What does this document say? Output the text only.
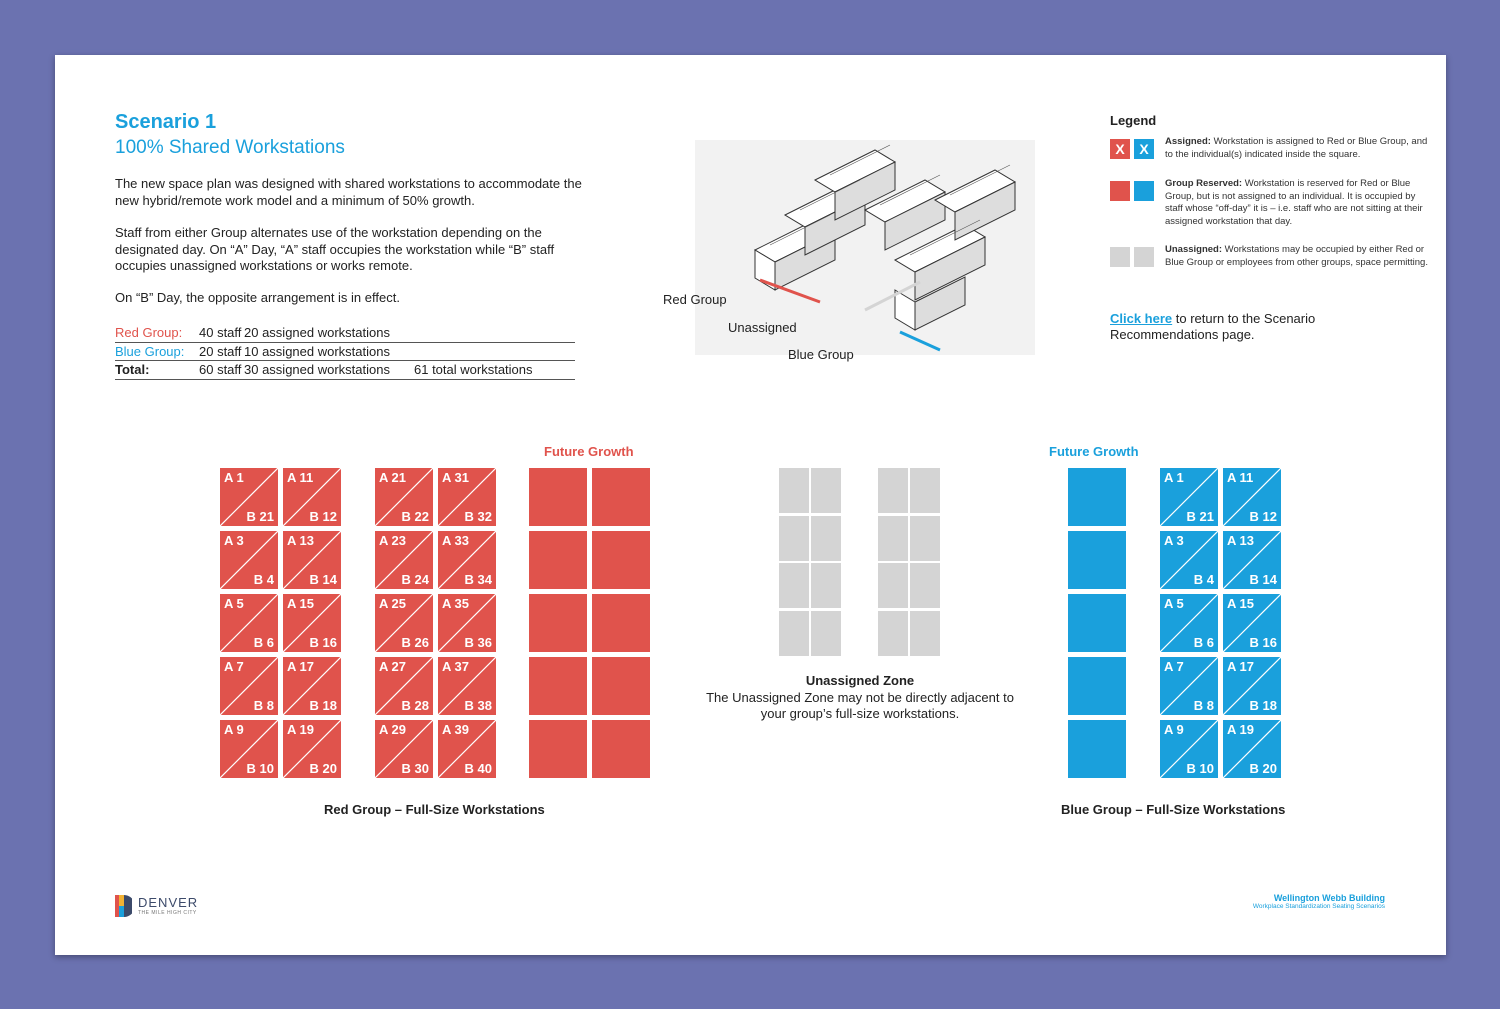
Scenario 1
100% Shared Workstations
The new space plan was designed with shared workstations to accommodate the new hybrid/remote work model and a minimum of 50% growth.
Staff from either Group alternates use of the workstation depending on the designated day. On “A” Day, “A” staff occupies the workstation while “B” staff occupies unassigned workstations or works remote.
On “B” Day, the opposite arrangement is in effect.
Red Group:	40 staff 20 assigned workstations
Blue Group:	20 staff 10 assigned workstations
Total:	60 staff 30 assigned workstations	61 total workstations
Red Group
Unassigned
Blue Group
Legend
X	X	Assigned: Workstation is assigned to Red or Blue Group, and to the individual(s) indicated inside the square.
Group Reserved: Workstation is reserved for Red or Blue Group, but is not assigned to an individual. It is occupied by staff whose “off-day” it is – i.e. staff who are not sitting at their assigned workstation that day.
Unassigned: Workstations may be occupied by either Red or Blue Group or employees from other groups, space permitting.
Click here to return to the Scenario Recommendations page.
Future Growth	Future Growth
Unassigned Zone
The Unassigned Zone may not be directly adjacent to your group’s full-size workstations.
Red Group – Full-Size Workstations	Blue Group – Full-Size Workstations
DENVER
THE MILE HIGH CITY
Wellington Webb Building
Workplace Standardization Seating Scenarios
A 1
B 21
A 3
B 4
A 5
B 6
A 7
B 8
A 9
B 10
A 11
B 12
A 13
B 14
A 15
B 16
A 17
B 18
A 19
B 20
A 21
B 22
A 23
B 24
A 25
B 26
A 27
B 28
A 29
B 30
A 31
B 32
A 33
B 34
A 35
B 36
A 37
B 38
A 39
B 40
A 1
B 21
A 3
B 4
A 5
B 6
A 7
B 8
A 9
B 10
A 11
B 12
A 13
B 14
A 15
B 16
A 17
B 18
A 19
B 20
